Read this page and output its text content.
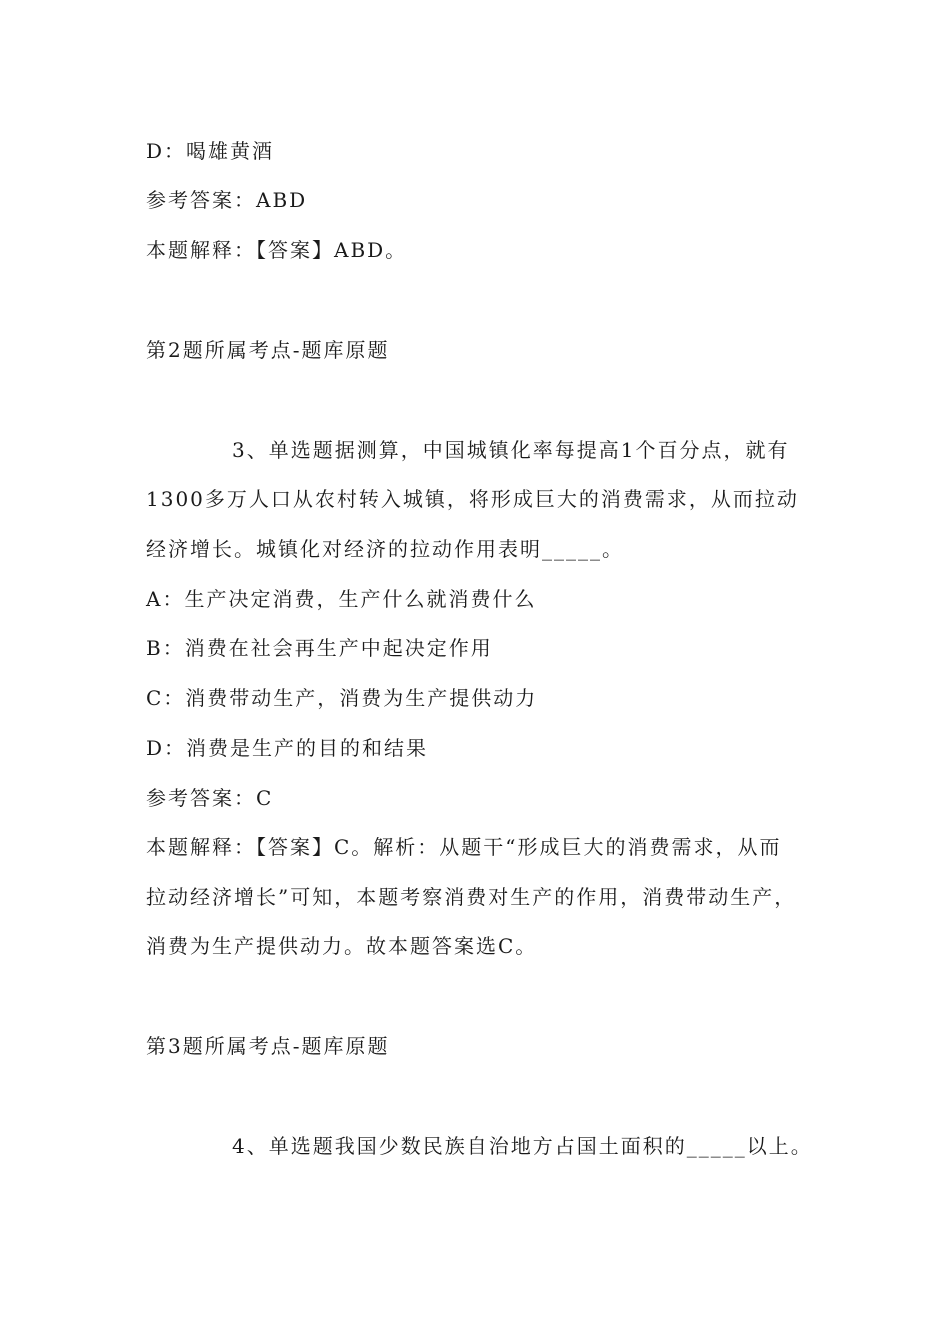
D：喝雄黄酒
参考答案：ABD
本题解释：【答案】ABD。
第2题所属考点-题库原题
3、单选题据测算，中国城镇化率每提高1个百分点，就有
1300多万人口从农村转入城镇，将形成巨大的消费需求，从而拉动
经济增长。城镇化对经济的拉动作用表明_____。
A：生产决定消费，生产什么就消费什么
B：消费在社会再生产中起决定作用
C：消费带动生产，消费为生产提供动力
D：消费是生产的目的和结果
参考答案：C
本题解释：【答案】C。解析：从题干“形成巨大的消费需求，从而
拉动经济增长”可知，本题考察消费对生产的作用，消费带动生产，
消费为生产提供动力。故本题答案选C。
第3题所属考点-题库原题
4、单选题我国少数民族自治地方占国土面积的_____以上。
